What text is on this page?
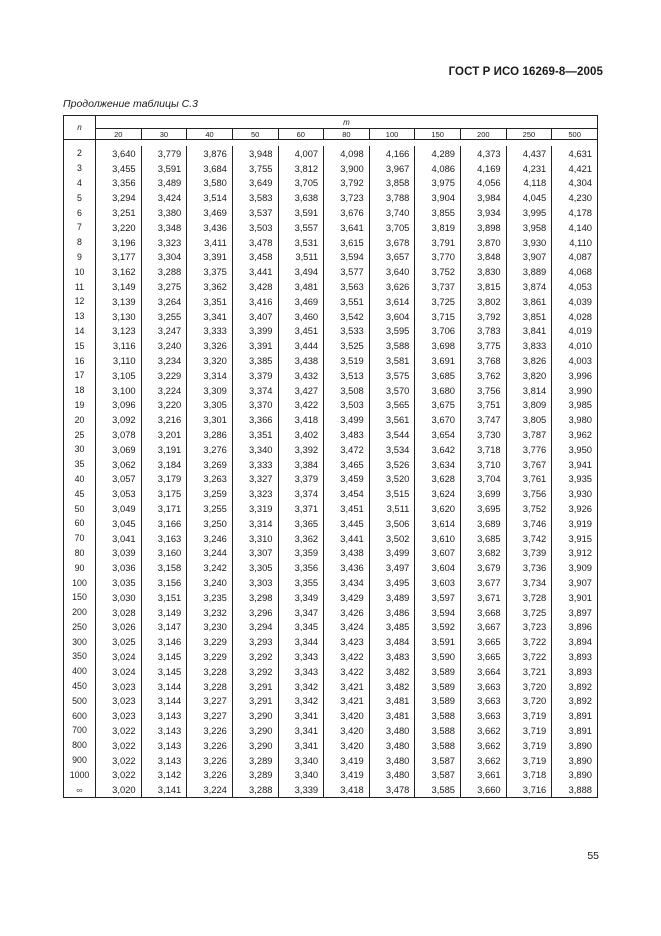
ГОСТ Р ИСО 16269-8—2005
Продолжение таблицы С.3
n	m										
	20	30	40	50	60	80	100	150	200	250	500

2	3,640	3,779	3,876	3,948	4,007	4,098	4,166	4,289	4,373	4,437	4,631
3	3,455	3,591	3,684	3,755	3,812	3,900	3,967	4,086	4,169	4,231	4,421
4	3,356	3,489	3,580	3,649	3,705	3,792	3,858	3,975	4,056	4,118	4,304
5	3,294	3,424	3,514	3,583	3,638	3,723	3,788	3,904	3,984	4,045	4,230
6	3,251	3,380	3,469	3,537	3,591	3,676	3,740	3,855	3,934	3,995	4,178
7	3,220	3,348	3,436	3,503	3,557	3,641	3,705	3,819	3,898	3,958	4,140
8	3,196	3,323	3,411	3,478	3,531	3,615	3,678	3,791	3,870	3,930	4,110
9	3,177	3,304	3,391	3,458	3,511	3,594	3,657	3,770	3,848	3,907	4,087
10	3,162	3,288	3,375	3,441	3,494	3,577	3,640	3,752	3,830	3,889	4,068
11	3,149	3,275	3,362	3,428	3,481	3,563	3,626	3,737	3,815	3,874	4,053
12	3,139	3,264	3,351	3,416	3,469	3,551	3,614	3,725	3,802	3,861	4,039
13	3,130	3,255	3,341	3,407	3,460	3,542	3,604	3,715	3,792	3,851	4,028
14	3,123	3,247	3,333	3,399	3,451	3,533	3,595	3,706	3,783	3,841	4,019
15	3,116	3,240	3,326	3,391	3,444	3,525	3,588	3,698	3,775	3,833	4,010
16	3,110	3,234	3,320	3,385	3,438	3,519	3,581	3,691	3,768	3,826	4,003
17	3,105	3,229	3,314	3,379	3,432	3,513	3,575	3,685	3,762	3,820	3,996
18	3,100	3,224	3,309	3,374	3,427	3,508	3,570	3,680	3,756	3,814	3,990
19	3,096	3,220	3,305	3,370	3,422	3,503	3,565	3,675	3,751	3,809	3,985
20	3,092	3,216	3,301	3,366	3,418	3,499	3,561	3,670	3,747	3,805	3,980
25	3,078	3,201	3,286	3,351	3,402	3,483	3,544	3,654	3,730	3,787	3,962
30	3,069	3,191	3,276	3,340	3,392	3,472	3,534	3,642	3,718	3,776	3,950
35	3,062	3,184	3,269	3,333	3,384	3,465	3,526	3,634	3,710	3,767	3,941
40	3,057	3,179	3,263	3,327	3,379	3,459	3,520	3,628	3,704	3,761	3,935
45	3,053	3,175	3,259	3,323	3,374	3,454	3,515	3,624	3,699	3,756	3,930
50	3,049	3,171	3,255	3,319	3,371	3,451	3,511	3,620	3,695	3,752	3,926
60	3,045	3,166	3,250	3,314	3,365	3,445	3,506	3,614	3,689	3,746	3,919
70	3,041	3,163	3,246	3,310	3,362	3,441	3,502	3,610	3,685	3,742	3,915
80	3,039	3,160	3,244	3,307	3,359	3,438	3,499	3,607	3,682	3,739	3,912
90	3,036	3,158	3,242	3,305	3,356	3,436	3,497	3,604	3,679	3,736	3,909
100	3,035	3,156	3,240	3,303	3,355	3,434	3,495	3,603	3,677	3,734	3,907
150	3,030	3,151	3,235	3,298	3,349	3,429	3,489	3,597	3,671	3,728	3,901
200	3,028	3,149	3,232	3,296	3,347	3,426	3,486	3,594	3,668	3,725	3,897
250	3,026	3,147	3,230	3,294	3,345	3,424	3,485	3,592	3,667	3,723	3,896
300	3,025	3,146	3,229	3,293	3,344	3,423	3,484	3,591	3,665	3,722	3,894
350	3,024	3,145	3,229	3,292	3,343	3,422	3,483	3,590	3,665	3,722	3,893
400	3,024	3,145	3,228	3,292	3,343	3,422	3,482	3,589	3,664	3,721	3,893
450	3,023	3,144	3,228	3,291	3,342	3,421	3,482	3,589	3,663	3,720	3,892
500	3,023	3,144	3,227	3,291	3,342	3,421	3,481	3,589	3,663	3,720	3,892
600	3,023	3,143	3,227	3,290	3,341	3,420	3,481	3,588	3,663	3,719	3,891
700	3,022	3,143	3,226	3,290	3,341	3,420	3,480	3,588	3,662	3,719	3,891
800	3,022	3,143	3,226	3,290	3,341	3,420	3,480	3,588	3,662	3,719	3,890
900	3,022	3,143	3,226	3,289	3,340	3,419	3,480	3,587	3,662	3,719	3,890
1000	3,022	3,142	3,226	3,289	3,340	3,419	3,480	3,587	3,661	3,718	3,890
∞	3,020	3,141	3,224	3,288	3,339	3,418	3,478	3,585	3,660	3,716	3,888
55
